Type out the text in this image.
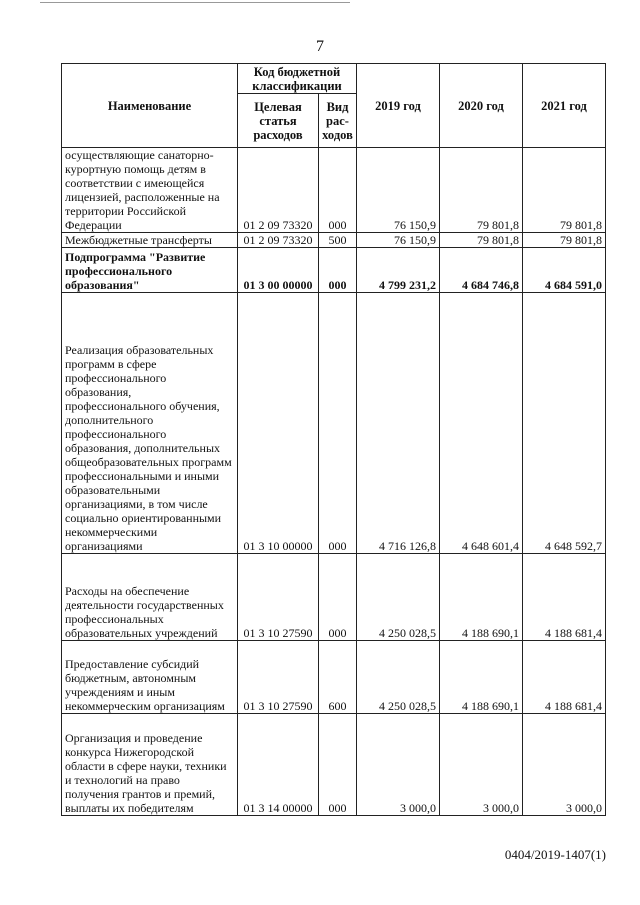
7
Наименование	Код бюджетной классификации		2019 год	2020 год	2021 год
	Целевая статья расходов	Вид рас-ходов			
осуществляющие санаторно-курортную помощь детям в соответствии с имеющейся лицензией, расположенные на территории Российской Федерации	01 2 09 73320	000	76 150,9	79 801,8	79 801,8
Межбюджетные трансферты	01 2 09 73320	500	76 150,9	79 801,8	79 801,8
Подпрограмма "Развитие профессионального образования"	01 3 00 00000	000	4 799 231,2	4 684 746,8	4 684 591,0
Реализация образовательных программ в сфере профессионального образования, профессионального обучения, дополнительного профессионального образования, дополнительных общеобразовательных программ профессиональными и иными образовательными организациями, в том числе социально ориентированными некоммерческими организациями	01 3 10 00000	000	4 716 126,8	4 648 601,4	4 648 592,7
Расходы на обеспечение деятельности государственных профессиональных образовательных учреждений	01 3 10 27590	000	4 250 028,5	4 188 690,1	4 188 681,4
Предоставление субсидий бюджетным, автономным учреждениям и иным некоммерческим организациям	01 3 10 27590	600	4 250 028,5	4 188 690,1	4 188 681,4
Организация и проведение конкурса Нижегородской области в сфере науки, техники и технологий на право получения грантов и премий, выплаты их победителям	01 3 14 00000	000	3 000,0	3 000,0	3 000,0
0404/2019-1407(1)
